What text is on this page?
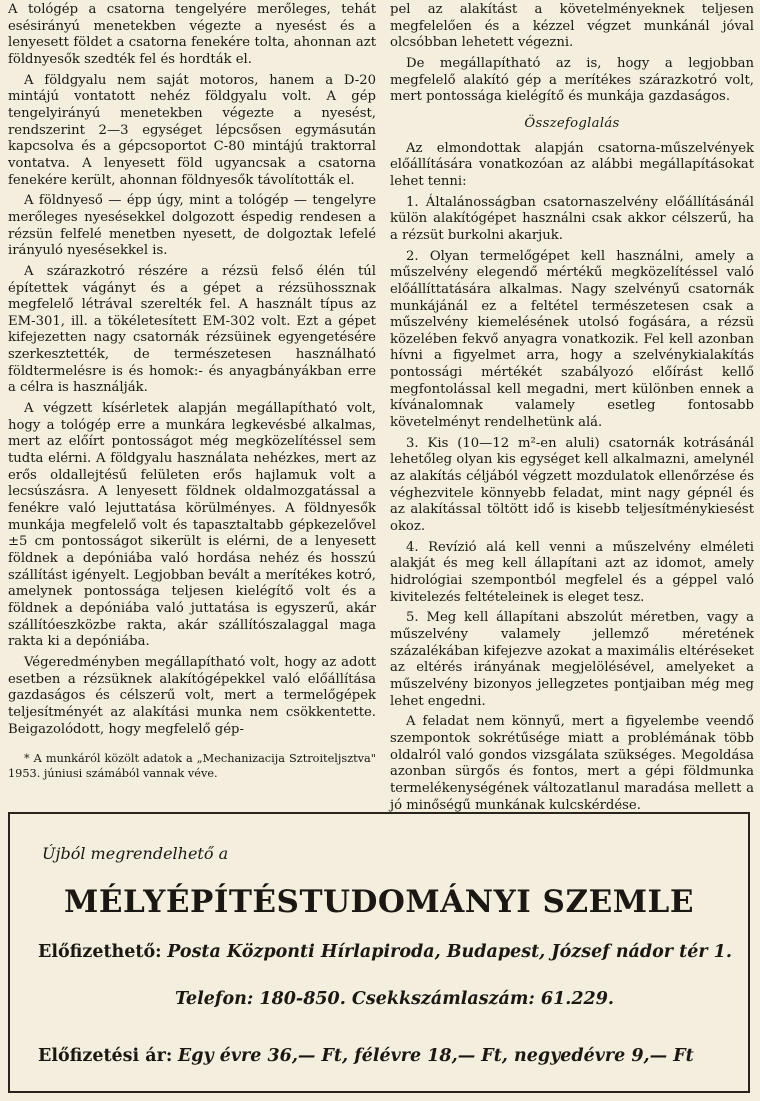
A tológép a csatorna tengelyére merőleges, tehát esésirányú menetekben végezte a nyesést és a lenyesett földet a csatorna fenekére tolta, ahonnan azt földnyesők szedték fel és hordták el.

A földgyalu nem saját motoros, hanem a D-20 mintájú vontatott nehéz földgyalu volt. A gép tengelyirányú menetekben végezte a nyesést, rendszerint 2—3 egységet lépcsősen egymásután kapcsolva és a gépcsoportot C-80 mintájú traktorral vontatva. A lenyesett föld ugyancsak a csatorna fenekére került, ahonnan földnyesők távolították el.

A földnyeső — épp úgy, mint a tológép — tengelyre merőleges nyesésekkel dolgozott éspedig rendesen a rézsün felfelé menetben nyesett, de dolgoztak lefelé irányuló nyesésekkel is.

A szárazkotró részére a rézsü felső élén túl építettek vágányt és a gépet a rézsühossznak megfelelő létrával szerelték fel. A használt típus az EM-301, ill. a tökéletesített EM-302 volt. Ezt a gépet kifejezetten nagy csatornák rézsüinek egyengetésére szerkesztették, de természetesen használható földtermelésre is és homok:- és anyagbányákban erre a célra is használják.

A végzett kísérletek alapján megállapítható volt, hogy a tológép erre a munkára legkevésbé alkalmas, mert az előírt pontosságot még megközelítéssel sem tudta elérni. A földgyalu használata nehézkes, mert az erős oldallejtésű felületen erős hajlamuk volt a lecsúszásra. A lenyesett földnek oldalmozgatással a fenékre való lejuttatása körülményes. A földnyesők munkája megfelelő volt és tapasztaltabb gépkezelővel ±5 cm pontosságot sikerült is elérni, de a lenyesett földnek a depóniába való hordása nehéz és hosszú szállítást igényelt. Legjobban bevált a merítékes kotró, amelynek pontossága teljesen kielégítő volt és a földnek a depóniába való juttatása is egyszerű, akár szállítóeszközbe rakta, akár szállítószalaggal maga rakta ki a depóniába.

Végeredményben megállapítható volt, hogy az adott esetben a rézsüknek alakítógépekkel való előállítása gazdaságos és célszerű volt, mert a termelőgépek teljesítményét az alakítási munka nem csökkentette. Beigazolódott, hogy megfelelő gép-

* A munkáról közölt adatok a „Mechanizacija Sztroiteljsztva" 1953. júniusi számából vannak véve.

pel az alakítást a követelményeknek teljesen megfelelően és a kézzel végzet munkánál jóval olcsóbban lehetett végezni.

De megállapítható az is, hogy a legjobban megfelelő alakító gép a merítékes szárazkotró volt, mert pontossága kielégítő és munkája gazdaságos.

Összefoglalás

Az elmondottak alapján csatorna-műszelvények előállítására vonatkozóan az alábbi megállapításokat lehet tenni:

1. Általánosságban csatornaszelvény előállításánál külön alakítógépet használni csak akkor célszerű, ha a rézsüt burkolni akarjuk.

2. Olyan termelőgépet kell használni, amely a műszelvény elegendő mértékű megközelítéssel való előállíttatására alkalmas. Nagy szelvényű csatornák munkájánál ez a feltétel természetesen csak a műszelvény kiemelésének utolsó fogására, a rézsü közelében fekvő anyagra vonatkozik. Fel kell azonban hívni a figyelmet arra, hogy a szelvénykialakítás pontossági mértékét szabályozó előírást kellő megfontolással kell megadni, mert különben ennek a kívánalomnak valamely esetleg fontosabb követelményt rendelhetünk alá.

3. Kis (10—12 m²-en aluli) csatornák kotrásánál lehetőleg olyan kis egységet kell alkalmazni, amelynél az alakítás céljából végzett mozdulatok ellenőrzése és véghezvitele könnyebb feladat, mint nagy gépnél és az alakítással töltött idő is kisebb teljesítménykiesést okoz.

4. Revízió alá kell venni a műszelvény elméleti alakját és meg kell állapítani azt az idomot, amely hidrológiai szempontból megfelel és a géppel való kivitelezés feltételeinek is eleget tesz.

5. Meg kell állapítani abszolút méretben, vagy a műszelvény valamely jellemző méretének százalékában kifejezve azokat a maximális eltéréseket az eltérés irányának megjelölésével, amelyeket a műszelvény bizonyos jellegzetes pontjaiban még meg lehet engedni.

A feladat nem könnyű, mert a figyelembe veendő szempontok sokrétűsége miatt a problémának több oldalról való gondos vizsgálata szükséges. Megoldása azonban sürgős és fontos, mert a gépi földmunka termelékenységének változatlanul maradása mellett a jó minőségű munkának kulcskérdése.

Újból megrendelhető a
MÉLYÉPÍTÉSTUDOMÁNYI SZEMLE
Előfizethető: Posta Központi Hírlapiroda, Budapest, József nádor tér 1.
Telefon: 180-850. Csekkszámlaszám: 61.229.
Előfizetési ár: Egy évre 36,— Ft, félévre 18,— Ft, negyedévre 9,— Ft
